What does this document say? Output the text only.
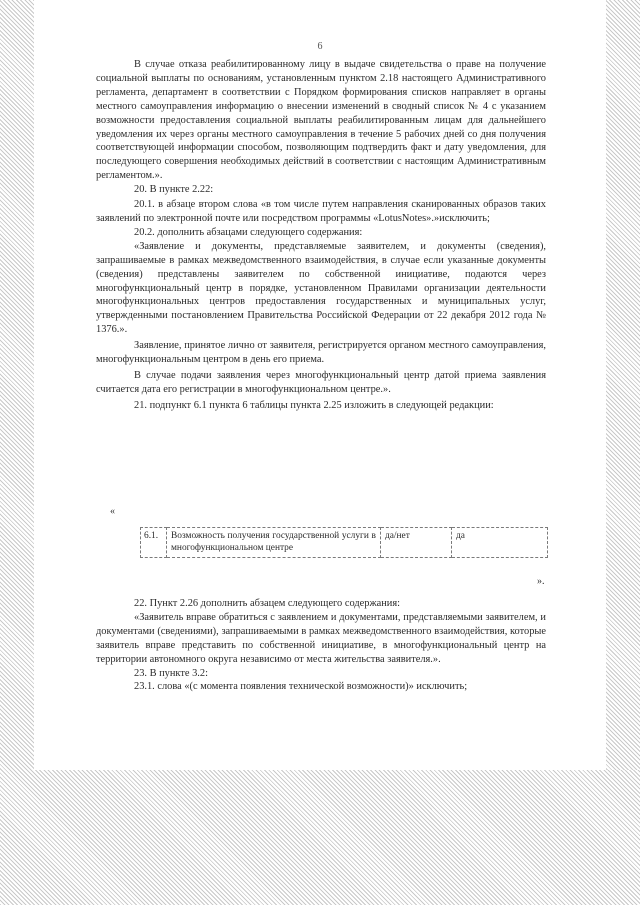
6

В случае отказа реабилитированному лицу в выдаче свидетельства о праве на получение социальной выплаты по основаниям, установленным пунктом 2.18 настоящего Административного регламента, департамент в соответствии с Порядком формирования списков направляет в органы местного самоуправления информацию о внесении изменений в сводный список № 4 с указанием возможности предоставления социальной выплаты реабилитированным лицам для дальнейшего уведомления их через органы местного самоуправления в течение 5 рабочих дней со дня получения соответствующей информации способом, позволяющим подтвердить факт и дату уведомления, для последующего совершения необходимых действий в соответствии с настоящим Административным регламентом.».

20. В пункте 2.22:

20.1. в абзаце втором слова «в том числе путем направления сканированных образов таких заявлений по электронной почте или посредством программы «LotusNotes».»исключить;

20.2. дополнить абзацами следующего содержания:

«Заявление и документы, представляемые заявителем, и документы (сведения), запрашиваемые в рамках межведомственного взаимодействия, в случае если указанные документы (сведения) представлены заявителем по собственной инициативе, подаются через многофункциональный центр в порядке, установленном Правилами организации деятельности многофункциональных центров предоставления государственных и муниципальных услуг, утвержденными постановлением Правительства Российской Федерации от 22 декабря 2012 года № 1376.».

Заявление, принятое лично от заявителя, регистрируется органом местного самоуправления, многофункциональным центром в день его приема.

В случае подачи заявления через многофункциональный центр датой приема заявления считается дата его регистрации в многофункциональном центре.».

21. подпункт 6.1 пункта 6 таблицы пункта 2.25 изложить в следующей редакции:

«
6.1.	Возможность получения государственной услуги в многофункциональном центре	да/нет	да
».

22. Пункт 2.26 дополнить абзацем следующего содержания:

«Заявитель вправе обратиться с заявлением и документами, представляемыми заявителем, и документами (сведениями), запрашиваемыми в рамках межведомственного взаимодействия, которые заявитель вправе представить по собственной инициативе, в многофункциональный центр на территории автономного округа независимо от места жительства заявителя.».

23. В пункте 3.2:

23.1. слова «(с момента появления технической возможности)» исключить;
